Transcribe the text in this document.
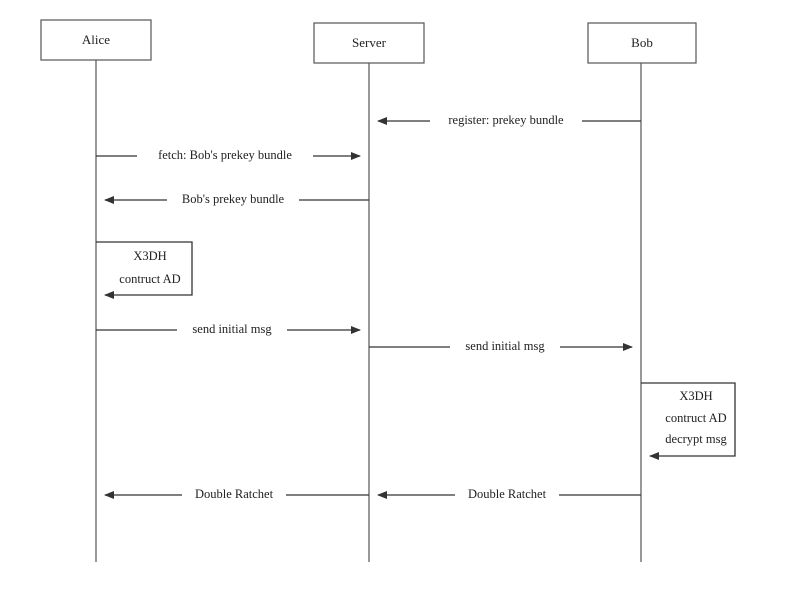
Alice	Server	Bob
register: prekey bundle
fetch: Bob's prekey bundle
Bob's prekey bundle
X3DH
contruct AD
send initial msg
send initial msg
X3DH
contruct AD
decrypt msg
Double Ratchet	Double Ratchet
